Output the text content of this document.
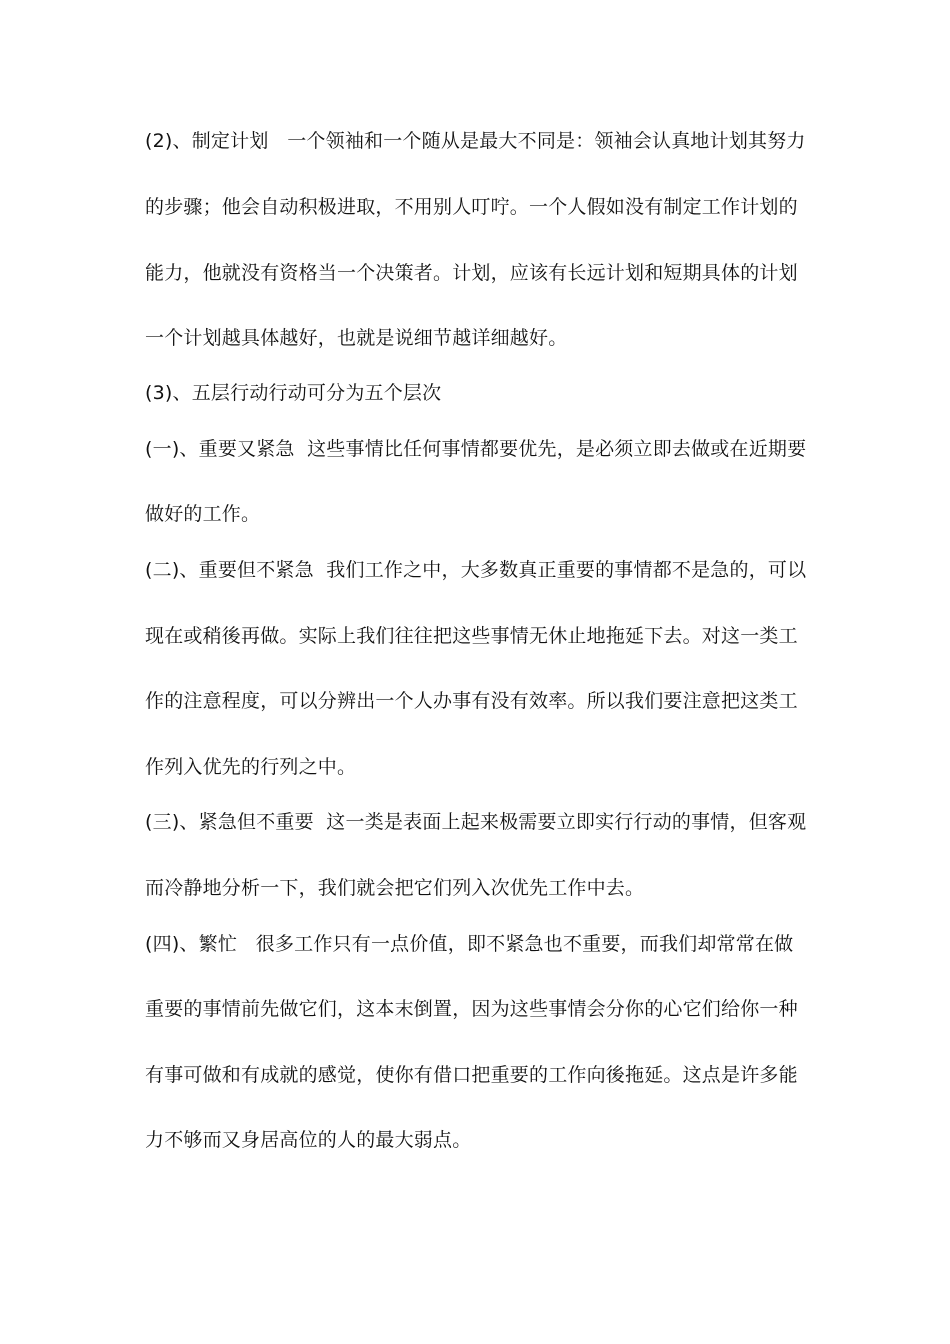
(2)、制定计划   一个领袖和一个随从是最大不同是：领袖会认真地计划其努力
的步骤；他会自动积极进取，不用别人叮咛。一个人假如没有制定工作计划的
能力，他就没有资格当一个决策者。计划，应该有长远计划和短期具体的计划
一个计划越具体越好，也就是说细节越详细越好。
(3)、五层行动行动可分为五个层次
(一)、重要又紧急  这些事情比任何事情都要优先，是必须立即去做或在近期要
做好的工作。
(二)、重要但不紧急  我们工作之中，大多数真正重要的事情都不是急的，可以
现在或稍後再做。实际上我们往往把这些事情无休止地拖延下去。对这一类工
作的注意程度，可以分辨出一个人办事有没有效率。所以我们要注意把这类工
作列入优先的行列之中。
(三)、紧急但不重要  这一类是表面上起来极需要立即实行行动的事情，但客观
而冷静地分析一下，我们就会把它们列入次优先工作中去。
(四)、繁忙   很多工作只有一点价值，即不紧急也不重要，而我们却常常在做
重要的事情前先做它们，这本末倒置，因为这些事情会分你的心它们给你一种
有事可做和有成就的感觉，使你有借口把重要的工作向後拖延。这点是许多能
力不够而又身居高位的人的最大弱点。
